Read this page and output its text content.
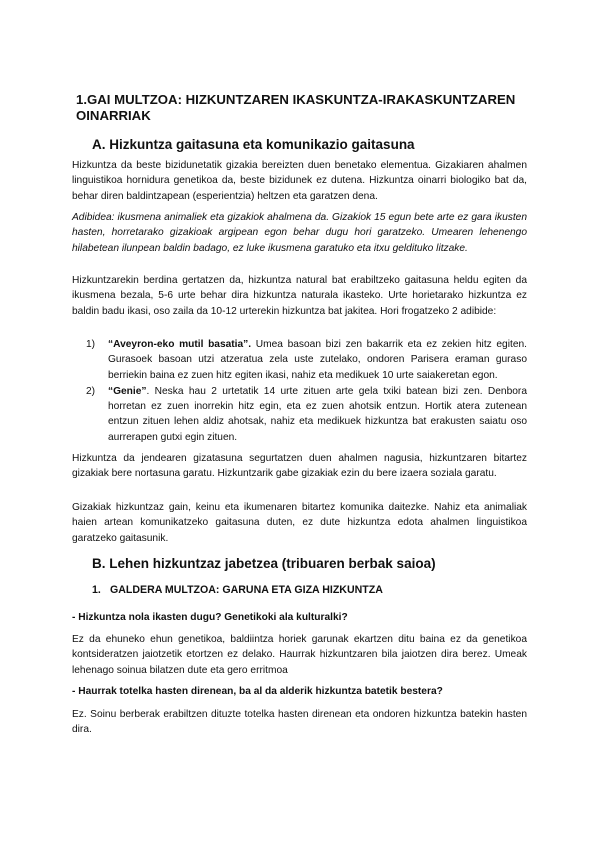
1.GAI MULTZOA: HIZKUNTZAREN IKASKUNTZA-IRAKASKUNTZAREN OINARRIAK
A. Hizkuntza gaitasuna eta komunikazio gaitasuna
Hizkuntza da beste bizidunetatik gizakia bereizten duen benetako elementua. Gizakiaren ahalmen linguistikoa hornidura genetikoa da, beste bizidunek ez dutena. Hizkuntza oinarri biologiko bat da, behar diren baldintzapean (esperientzia) heltzen eta garatzen dena.
Adibidea: ikusmena animaliek eta gizakiok ahalmena da. Gizakiok 15 egun bete arte ez gara ikusten hasten, horretarako gizakioak argipean egon behar dugu hori garatzeko. Umearen lehenengo hilabetean ilunpean baldin badago, ez luke ikusmena garatuko eta itxu geldituko litzake.
Hizkuntzarekin berdina gertatzen da, hizkuntza natural bat erabiltzeko gaitasuna heldu egiten da ikusmena bezala, 5-6 urte behar dira hizkuntza naturala ikasteko. Urte horietarako hizkuntza ez baldin badu ikasi, oso zaila da 10-12 urterekin hizkuntza bat jakitea. Hori frogatzeko 2 adibide:
1) “Aveyron-eko mutil basatia”. Umea basoan bizi zen bakarrik eta ez zekien hitz egiten. Gurasoek basoan utzi atzeratua zela uste zutelako, ondoren Parisera eraman guraso berriekin baina ez zuen hitz egiten ikasi, nahiz eta medikuek 10 urte saiakeretan egon.
2) “Genie”. Neska hau 2 urtetatik 14 urte zituen arte gela txiki batean bizi zen. Denbora horretan ez zuen inorrekin hitz egin, eta ez zuen ahotsik entzun. Hortik atera zutenean entzun zituen lehen aldiz ahotsak, nahiz eta medikuek hizkuntza bat erakusten saiatu oso aurrerapen gutxi egin zituen.
Hizkuntza da jendearen gizatasuna segurtatzen duen ahalmen nagusia, hizkuntzaren bitartez gizakiak bere nortasuna garatu. Hizkuntzarik gabe gizakiak ezin du bere izaera soziala garatu.
Gizakiak hizkuntzaz gain, keinu eta ikumenaren bitartez komunika daitezke. Nahiz eta animaliak haien artean komunikatzeko gaitasuna duten, ez dute hizkuntza edota ahalmen linguistikoa garatzeko gaitasunik.
B. Lehen hizkuntzaz jabetzea (tribuaren berbak saioa)
1. GALDERA MULTZOA: GARUNA ETA GIZA HIZKUNTZA
- Hizkuntza nola ikasten dugu? Genetikoki ala kulturalki?
Ez da ehuneko ehun genetikoa, baldiintza horiek garunak ekartzen ditu baina ez da genetikoa kontsideratzen jaiotzetik etortzen ez delako. Haurrak hizkuntzaren bila jaiotzen dira berez. Umeak lehenago soinua bilatzen dute eta gero erritmoa
- Haurrak totelka hasten direnean, ba al da alderik hizkuntza batetik bestera?
Ez. Soinu berberak erabiltzen dituzte totelka hasten direnean eta ondoren hizkuntza batekin hasten dira.
